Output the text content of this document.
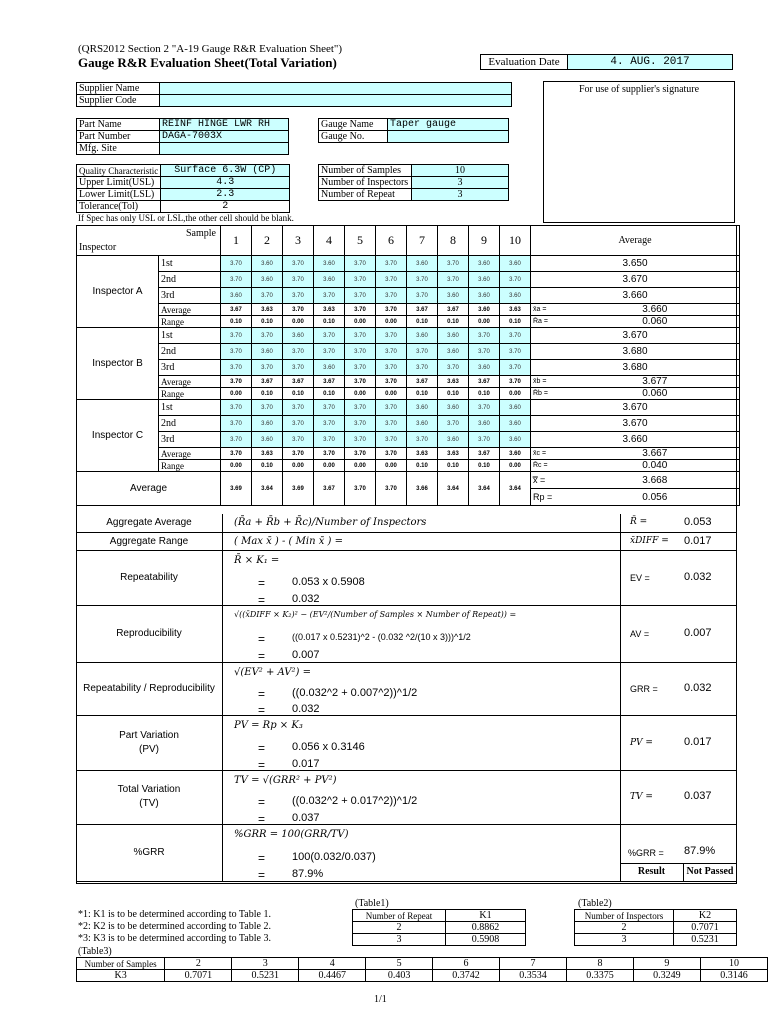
(QRS2012 Section 2 "A-19 Gauge R&R Evaluation Sheet")
Gauge R&R Evaluation Sheet(Total Variation)	Evaluation Date	4. AUG. 2017
Supplier Name	
Supplier Code	
For use of supplier's signature
Part Name	REINF HINGE LWR RH
Part Number	DAGA-7003X
Mfg. Site	
Gauge Name	Taper gauge
Gauge No.	
Quality Characteristic	Surface 6.3W (CP)
Upper Limit(USL)	4.3
Lower Limit(LSL)	2.3
Tolerance(Tol)	2
Number of Samples	10
Number of Inspectors	3
Number of Repeat	3
If Spec has only USL or LSL,the other cell should be blank.
Sample
Inspector		1	2	3	4	5	6	7	8	9	10	Average	
Inspector A	1st	3.70	3.60	3.70	3.60	3.70	3.70	3.60	3.70	3.60	3.60	3.650	
	2nd	3.70	3.60	3.70	3.60	3.70	3.70	3.70	3.70	3.60	3.70	3.670	
	3rd	3.60	3.70	3.70	3.70	3.70	3.70	3.70	3.60	3.60	3.60	3.660	
	Average	3.67	3.63	3.70	3.63	3.70	3.70	3.67	3.67	3.60	3.63	x̄a =	3.660
	Range	0.10	0.10	0.00	0.10	0.00	0.00	0.10	0.10	0.00	0.10	R̄a =	0.060
Inspector B	1st	3.70	3.70	3.60	3.70	3.70	3.70	3.60	3.60	3.70	3.70	3.670	
	2nd	3.70	3.60	3.70	3.70	3.70	3.70	3.70	3.60	3.70	3.70	3.680	
	3rd	3.70	3.70	3.70	3.60	3.70	3.70	3.70	3.70	3.60	3.70	3.680	
	Average	3.70	3.67	3.67	3.67	3.70	3.70	3.67	3.63	3.67	3.70	x̄b =	3.677
	Range	0.00	0.10	0.10	0.10	0.00	0.00	0.10	0.10	0.10	0.00	R̄b =	0.060
Inspector C	1st	3.70	3.70	3.70	3.70	3.70	3.70	3.60	3.60	3.70	3.60	3.670	
	2nd	3.70	3.60	3.70	3.70	3.70	3.70	3.60	3.70	3.60	3.60	3.670	
	3rd	3.70	3.60	3.70	3.70	3.70	3.70	3.70	3.60	3.70	3.60	3.660	
	Average	3.70	3.63	3.70	3.70	3.70	3.70	3.63	3.63	3.67	3.60	x̄c =	3.667
	Range	0.00	0.10	0.00	0.00	0.00	0.00	0.10	0.10	0.10	0.00	R̄c =	0.040
Average		3.69	3.64	3.69	3.67	3.70	3.70	3.66	3.64	3.64	3.64	x̿ =	3.668
												Rp =	0.056
Aggregate Average	(R̄a + R̄b + R̄c)/Number of Inspectors	R̄ =	0.053
Aggregate Range	( Max x̄ ) - ( Min x̄ ) =	x̄DIFF = 0.017
Repeatability
R̄ × K₁ =
= 0.053 x 0.5908
= 0.032
EV =	0.032
Reproducibility
√((x̄DIFF × K₂)² − (EV²/(Number of Samples × Number of Repeat)) =
=	((0.017 x 0.5231)^2 - (0.032 ^2/(10 x 3)))^1/2
= 0.007
AV =	0.007
Repeatability / Reproducibility
√(EV² + AV²) =
= ((0.032^2 + 0.007^2))^1/2
= 0.032
GRR = 0.032
Part Variation
(PV)
PV = Rp × K₃
= 0.056 x 0.3146
= 0.017
PV =	0.017
Total Variation
(TV)
TV = √(GRR² + PV²)
= ((0.032^2 + 0.017^2))^1/2
= 0.037
TV =	0.037
%GRR
%GRR = 100(GRR/TV)
= 100(0.032/0.037)
= 87.9%
%GRR = 87.9%
Result	Not Passed
*1: K1 is to be determined according to Table 1.
*2: K2 is to be determined according to Table 2.
*3: K3 is to be determined according to Table 3.
(Table1)
Number of Repeat	K1
2	0.8862
3	0.5908
(Table2)
Number of Inspectors	K2
2	0.7071
3	0.5231
(Table3)
Number of Samples	2	3	4	5	6	7	8	9	10
K3	0.7071	0.5231	0.4467	0.403	0.3742	0.3534	0.3375	0.3249	0.3146
1/1
